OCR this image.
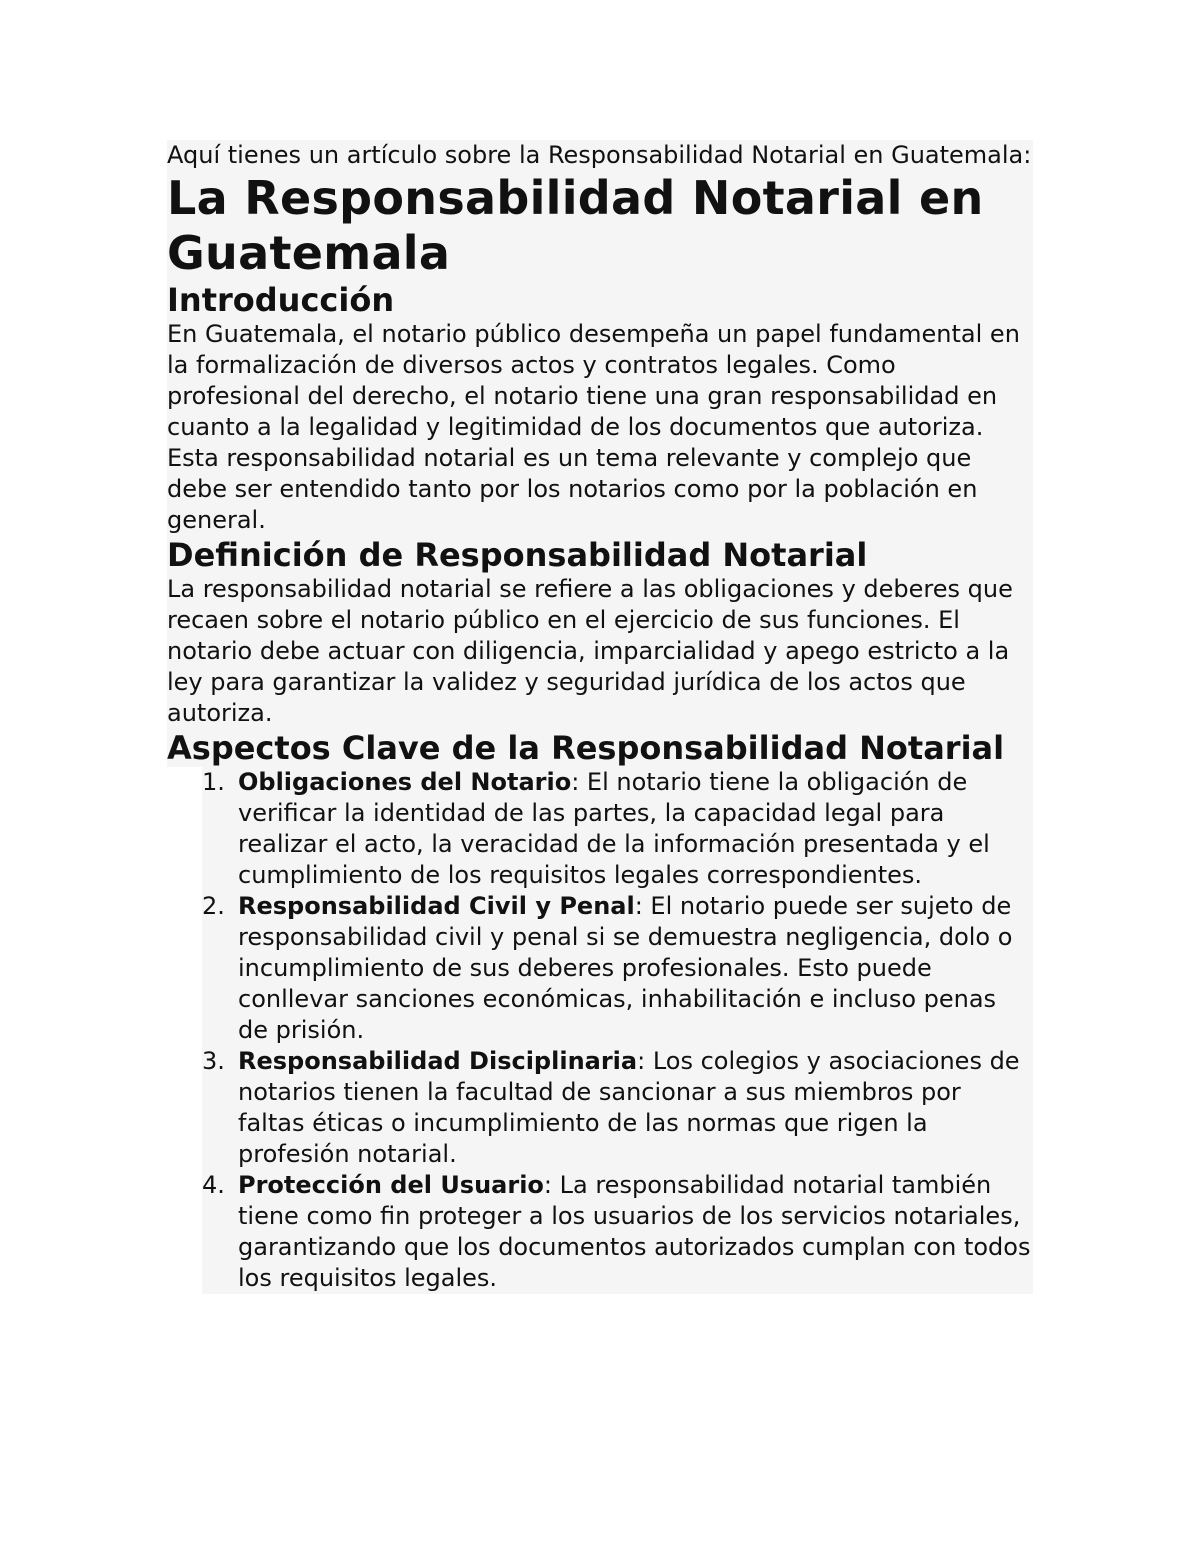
Aquí tienes un artículo sobre la Responsabilidad Notarial en Guatemala:

La Responsabilidad Notarial en Guatemala
Introducción

En Guatemala, el notario público desempeña un papel fundamental en la formalización de diversos actos y contratos legales. Como profesional del derecho, el notario tiene una gran responsabilidad en cuanto a la legalidad y legitimidad de los documentos que autoriza. Esta responsabilidad notarial es un tema relevante y complejo que debe ser entendido tanto por los notarios como por la población en general.

Definición de Responsabilidad Notarial

La responsabilidad notarial se refiere a las obligaciones y deberes que recaen sobre el notario público en el ejercicio de sus funciones. El notario debe actuar con diligencia, imparcialidad y apego estricto a la ley para garantizar la validez y seguridad jurídica de los actos que autoriza.

Aspectos Clave de la Responsabilidad Notarial
1. Obligaciones del Notario: El notario tiene la obligación de verificar la identidad de las partes, la capacidad legal para realizar el acto, la veracidad de la información presentada y el cumplimiento de los requisitos legales correspondientes.
2. Responsabilidad Civil y Penal: El notario puede ser sujeto de responsabilidad civil y penal si se demuestra negligencia, dolo o incumplimiento de sus deberes profesionales. Esto puede conllevar sanciones económicas, inhabilitación e incluso penas de prisión.
3. Responsabilidad Disciplinaria: Los colegios y asociaciones de notarios tienen la facultad de sancionar a sus miembros por faltas éticas o incumplimiento de las normas que rigen la profesión notarial.
4. Protección del Usuario: La responsabilidad notarial también tiene como fin proteger a los usuarios de los servicios notariales, garantizando que los documentos autorizados cumplan con todos los requisitos legales.
